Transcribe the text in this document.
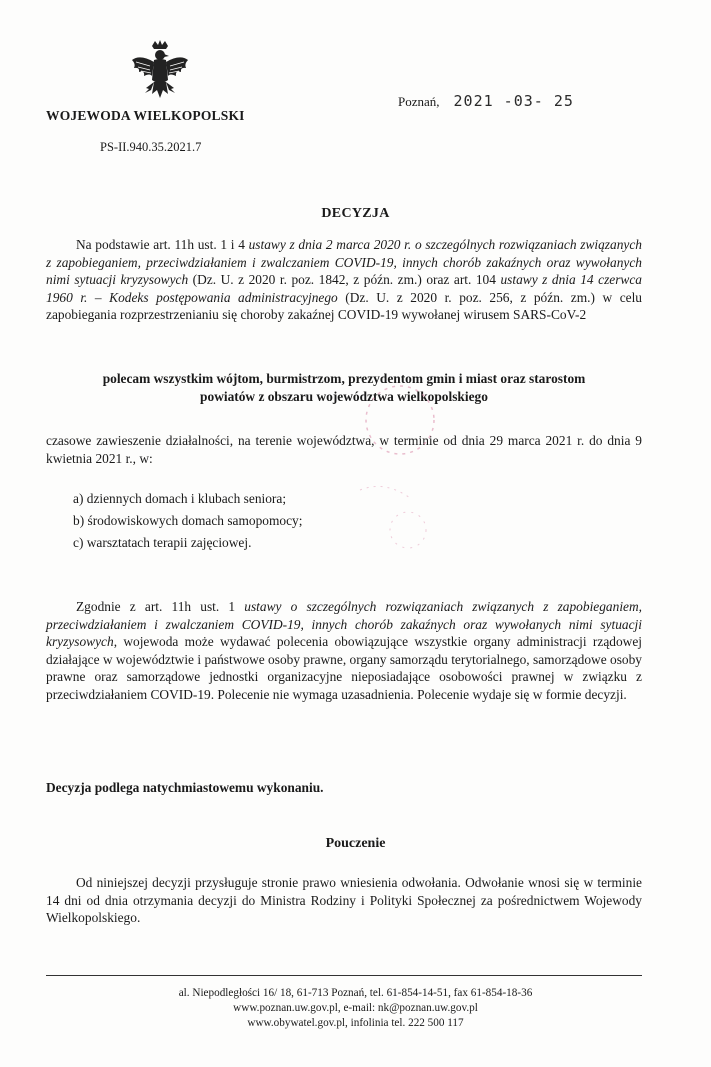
WOJEWODA WIELKOPOLSKI
PS-II.940.35.2021.7
Poznań, 2021 -03- 25
DECYZJA
Na podstawie art. 11h ust. 1 i 4 ustawy z dnia 2 marca 2020 r. o szczególnych rozwiązaniach związanych z zapobieganiem, przeciwdziałaniem i zwalczaniem COVID-19, innych chorób zakaźnych oraz wywołanych nimi sytuacji kryzysowych (Dz. U. z 2020 r. poz. 1842, z późn. zm.) oraz art. 104 ustawy z dnia 14 czerwca 1960 r. – Kodeks postępowania administracyjnego (Dz. U. z 2020 r. poz. 256, z późn. zm.) w celu zapobiegania rozprzestrzenianiu się choroby zakaźnej COVID-19 wywołanej wirusem SARS-CoV-2
polecam wszystkim wójtom, burmistrzom, prezydentom gmin i miast oraz starostom
powiatów z obszaru województwa wielkopolskiego
czasowe zawieszenie działalności, na terenie województwa, w terminie od dnia 29 marca 2021 r. do dnia 9 kwietnia 2021 r., w:
a) dziennych domach i klubach seniora;
b) środowiskowych domach samopomocy;
c) warsztatach terapii zajęciowej.
Zgodnie z art. 11h ust. 1 ustawy o szczególnych rozwiązaniach związanych z zapobieganiem, przeciwdziałaniem i zwalczaniem COVID-19, innych chorób zakaźnych oraz wywołanych nimi sytuacji kryzysowych, wojewoda może wydawać polecenia obowiązujące wszystkie organy administracji rządowej działające w województwie i państwowe osoby prawne, organy samorządu terytorialnego, samorządowe osoby prawne oraz samorządowe jednostki organizacyjne nieposiadające osobowości prawnej w związku z przeciwdziałaniem COVID-19. Polecenie nie wymaga uzasadnienia. Polecenie wydaje się w formie decyzji.
Decyzja podlega natychmiastowemu wykonaniu.
Pouczenie
Od niniejszej decyzji przysługuje stronie prawo wniesienia odwołania. Odwołanie wnosi się w terminie 14 dni od dnia otrzymania decyzji do Ministra Rodziny i Polityki Społecznej za pośrednictwem Wojewody Wielkopolskiego.
al. Niepodległości 16/ 18, 61-713 Poznań, tel. 61-854-14-51, fax 61-854-18-36
www.poznan.uw.gov.pl, e-mail: nk@poznan.uw.gov.pl
www.obywatel.gov.pl, infolinia tel. 222 500 117
